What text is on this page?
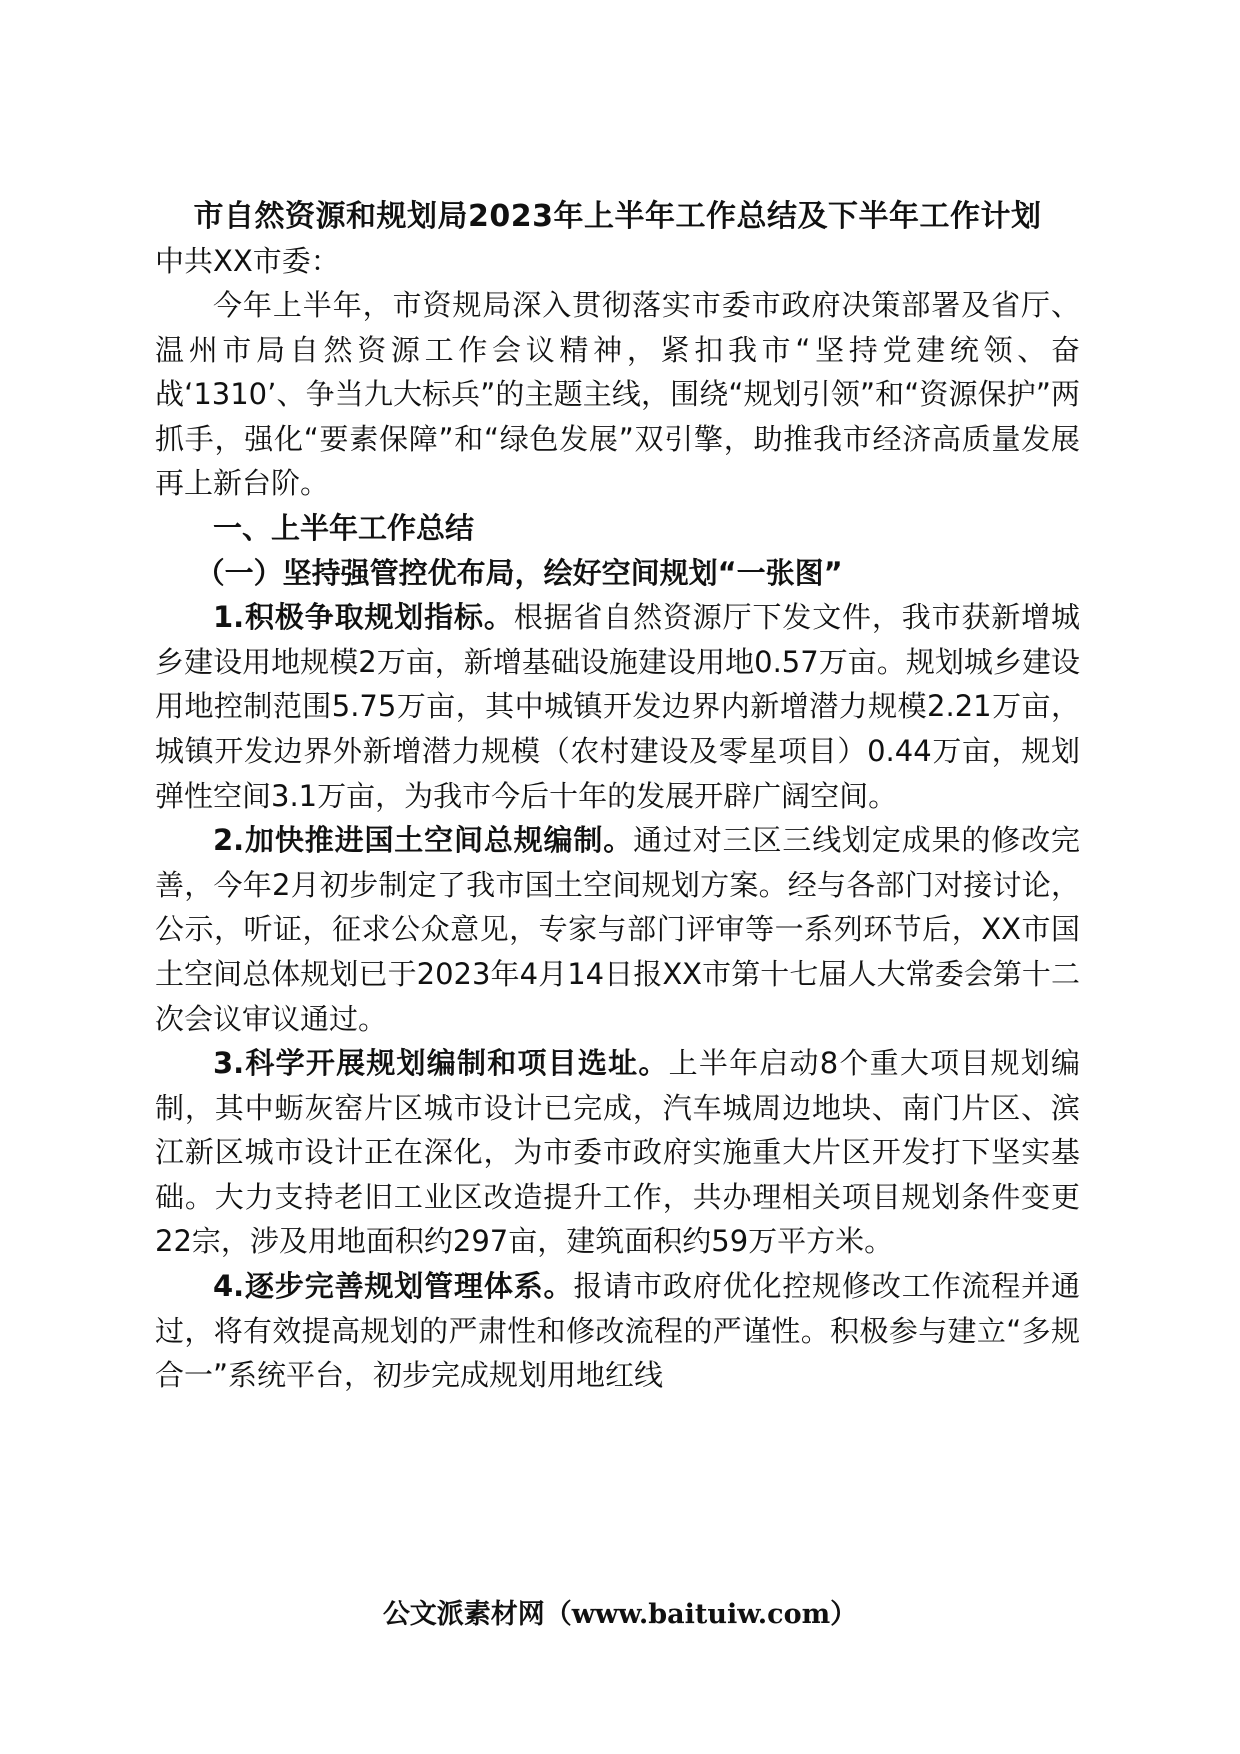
市自然资源和规划局2023年上半年工作总结及下半年工作计划

中共XX市委：

今年上半年，市资规局深入贯彻落实市委市政府决策部署及省厅、温州市局自然资源工作会议精神，紧扣我市“坚持党建统领、奋战‘1310’、争当九大标兵”的主题主线，围绕“规划引领”和“资源保护”两抓手，强化“要素保障”和“绿色发展”双引擎，助推我市经济高质量发展再上新台阶。

一、上半年工作总结

（一）坚持强管控优布局，绘好空间规划“一张图”

1.积极争取规划指标。根据省自然资源厅下发文件，我市获新增城乡建设用地规模2万亩，新增基础设施建设用地0.57万亩。规划城乡建设用地控制范围5.75万亩，其中城镇开发边界内新增潜力规模2.21万亩，城镇开发边界外新增潜力规模（农村建设及零星项目）0.44万亩，规划弹性空间3.1万亩，为我市今后十年的发展开辟广阔空间。

2.加快推进国土空间总规编制。通过对三区三线划定成果的修改完善，今年2月初步制定了我市国土空间规划方案。经与各部门对接讨论，公示，听证，征求公众意见，专家与部门评审等一系列环节后，XX市国土空间总体规划已于2023年4月14日报XX市第十七届人大常委会第十二次会议审议通过。

3.科学开展规划编制和项目选址。上半年启动8个重大项目规划编制，其中蛎灰窑片区城市设计已完成，汽车城周边地块、南门片区、滨江新区城市设计正在深化，为市委市政府实施重大片区开发打下坚实基础。大力支持老旧工业区改造提升工作，共办理相关项目规划条件变更22宗，涉及用地面积约297亩，建筑面积约59万平方米。

4.逐步完善规划管理体系。报请市政府优化控规修改工作流程并通过，将有效提高规划的严肃性和修改流程的严谨性。积极参与建立“多规合一”系统平台，初步完成规划用地红线

公文派素材网（www.baituiw.com）
